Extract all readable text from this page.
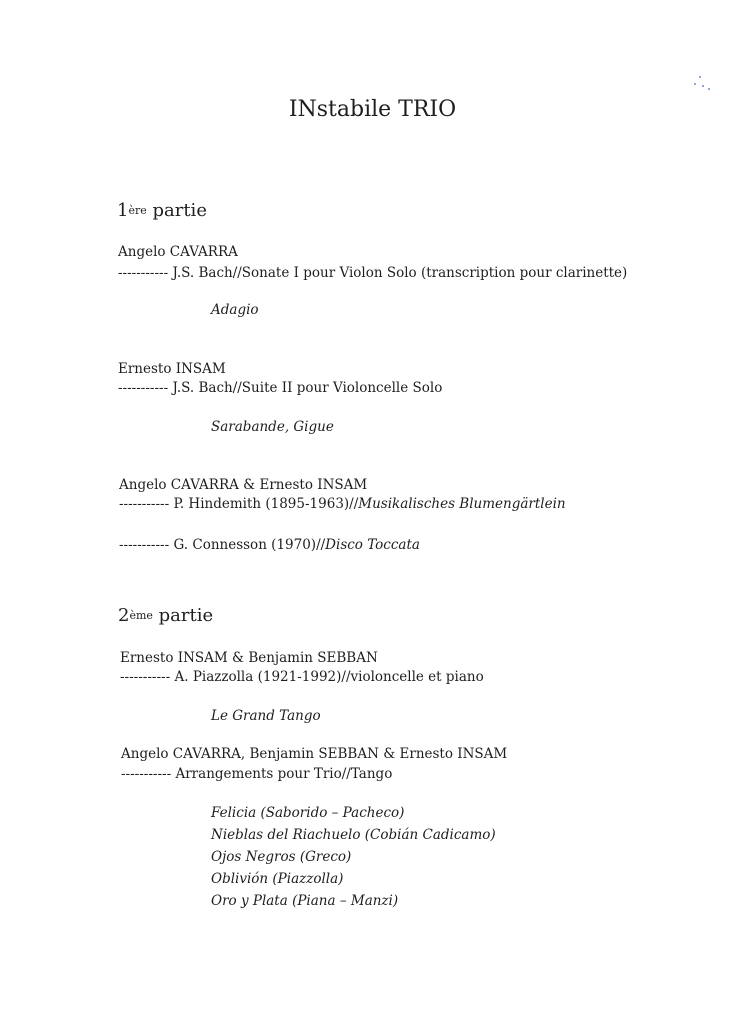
INstabile TRIO
1ère partie
Angelo CAVARRA
----------- J.S. Bach//Sonate I pour Violon Solo (transcription pour clarinette)
Adagio
Ernesto INSAM
----------- J.S. Bach//Suite II pour Violoncelle Solo
Sarabande, Gigue
Angelo CAVARRA & Ernesto INSAM
----------- P. Hindemith (1895-1963)//Musikalisches Blumengärtlein
----------- G. Connesson (1970)//Disco Toccata
2ème partie
Ernesto INSAM & Benjamin SEBBAN
----------- A. Piazzolla (1921-1992)//violoncelle et piano
Le Grand Tango
Angelo CAVARRA, Benjamin SEBBAN & Ernesto INSAM
----------- Arrangements pour Trio//Tango
Felicia (Saborido – Pacheco)
Nieblas del Riachuelo (Cobián Cadicamo)
Ojos Negros (Greco)
Oblivión (Piazzolla)
Oro y Plata (Piana – Manzi)
